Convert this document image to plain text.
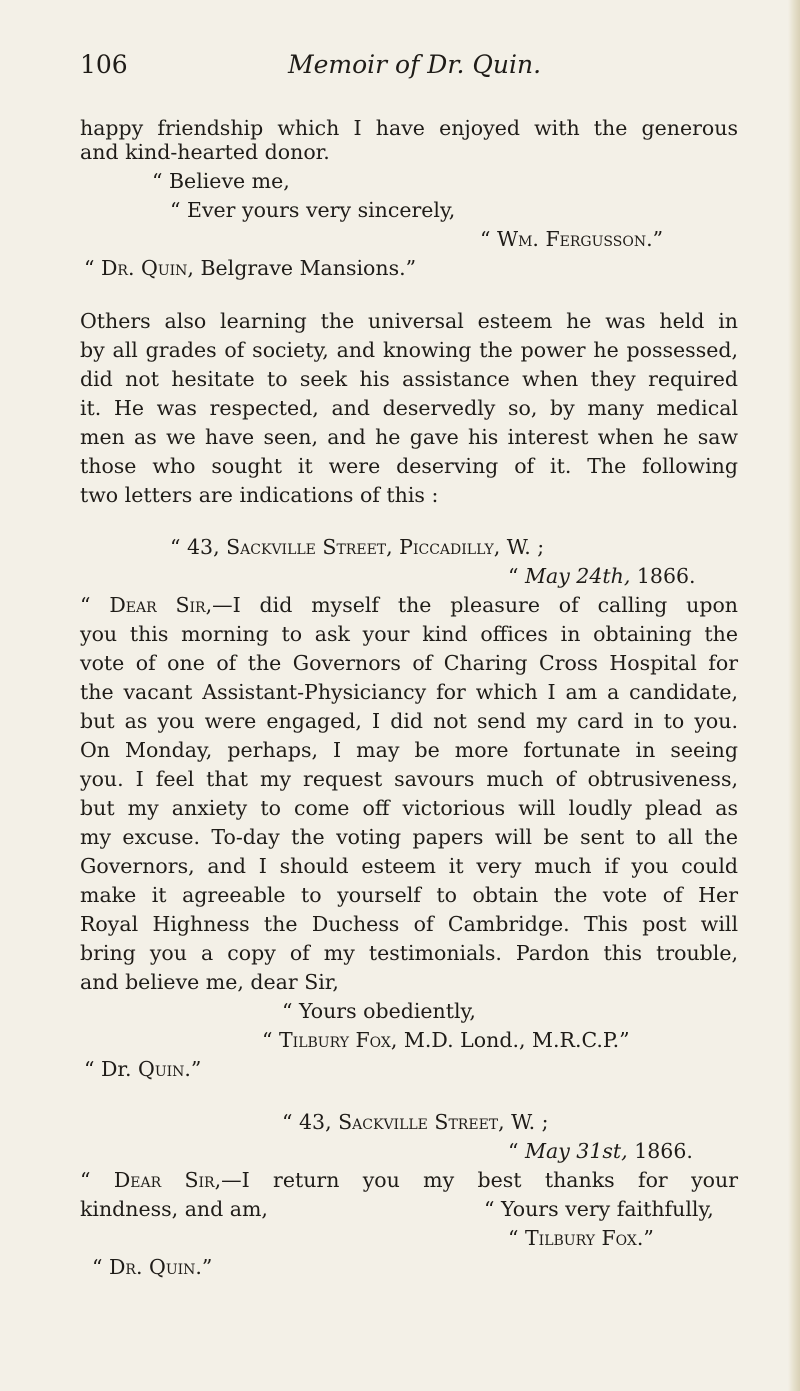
106	Memoir of Dr. Quin.
happy friendship which I have enjoyed with the generous
and kind-hearted donor.
“ Believe me,
“ Ever yours very sincerely,
“ Wm. Fergusson.”
“ Dr. Quin, Belgrave Mansions.”
Others also learning the universal esteem he was held in
by all grades of society, and knowing the power he possessed,
did not hesitate to seek his assistance when they required
it. He was respected, and deservedly so, by many medical
men as we have seen, and he gave his interest when he saw
those who sought it were deserving of it. The following
two letters are indications of this :
“ 43, Sackville Street, Piccadilly, W. ;
“ May 24th, 1866.
“ Dear Sir,—I did myself the pleasure of calling upon
you this morning to ask your kind offices in obtaining the
vote of one of the Governors of Charing Cross Hospital for
the vacant Assistant-Physiciancy for which I am a candidate,
but as you were engaged, I did not send my card in to you.
On Monday, perhaps, I may be more fortunate in seeing
you. I feel that my request savours much of obtrusiveness,
but my anxiety to come off victorious will loudly plead as
my excuse. To-day the voting papers will be sent to all the
Governors, and I should esteem it very much if you could
make it agreeable to yourself to obtain the vote of Her
Royal Highness the Duchess of Cambridge. This post will
bring you a copy of my testimonials. Pardon this trouble,
and believe me, dear Sir,
“ Yours obediently,
“ Tilbury Fox, M.D. Lond., M.R.C.P.”
“ Dr. Quin.”
“ 43, Sackville Street, W. ;
“ May 31st, 1866.
“ Dear Sir,—I return you my best thanks for your
kindness, and am,	“ Yours very faithfully,
“ Tilbury Fox.”
“ Dr. Quin.”
